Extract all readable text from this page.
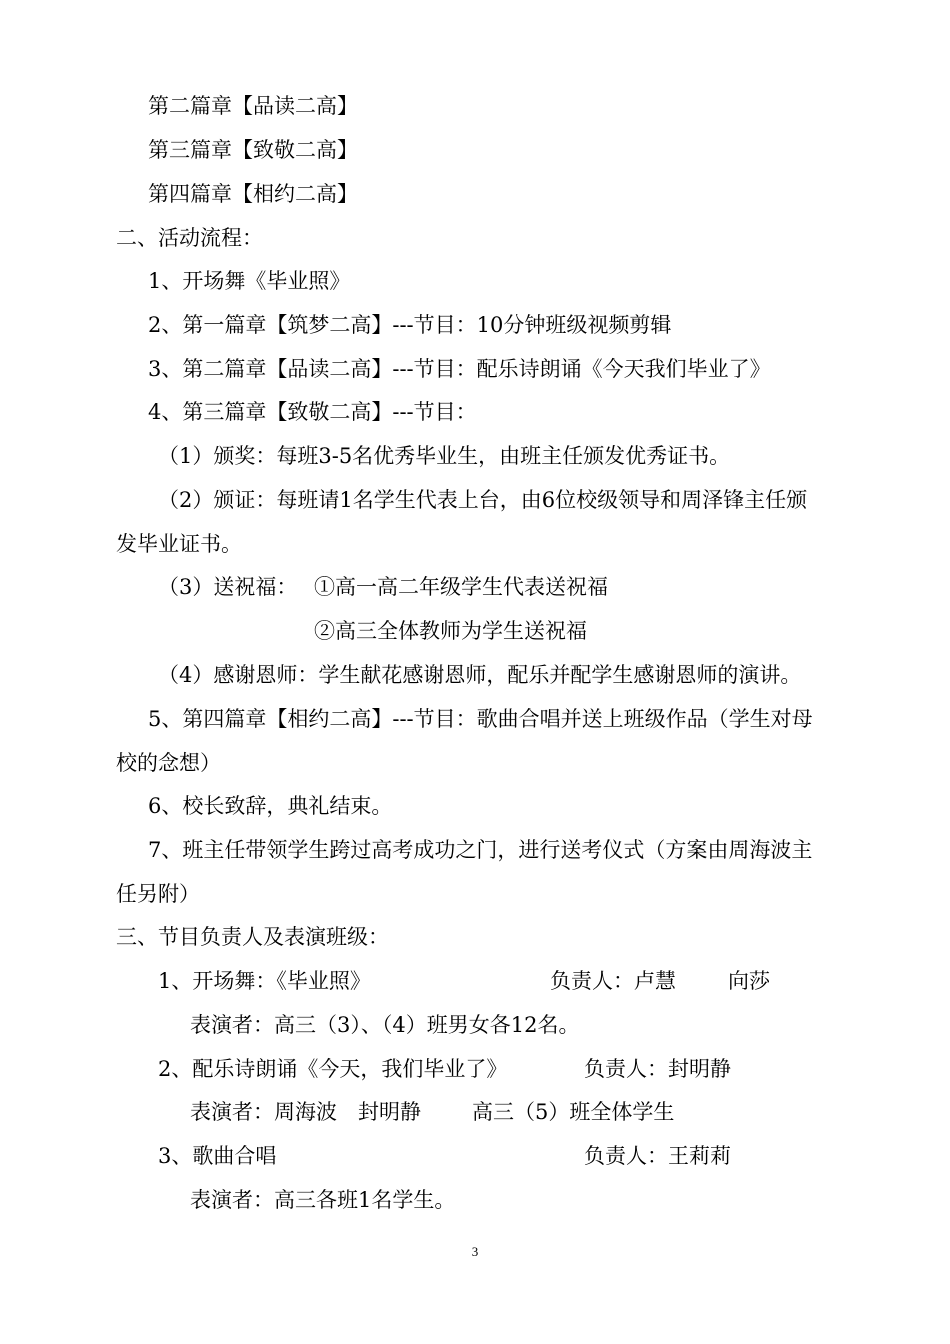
第二篇章【品读二高】
第三篇章【致敬二高】
第四篇章【相约二高】
二、活动流程：
1、开场舞《毕业照》
2、第一篇章【筑梦二高】---节目：10分钟班级视频剪辑
3、第二篇章【品读二高】---节目：配乐诗朗诵《今天我们毕业了》
4、第三篇章【致敬二高】---节目：
（1）颁奖：每班3-5名优秀毕业生，由班主任颁发优秀证书。
（2）颁证：每班请1名学生代表上台，由6位校级领导和周泽锋主任颁
发毕业证书。
（3）送祝福： ①高一高二年级学生代表送祝福
②高三全体教师为学生送祝福
（4）感谢恩师：学生献花感谢恩师，配乐并配学生感谢恩师的演讲。
5、第四篇章【相约二高】---节目：歌曲合唱并送上班级作品（学生对母
校的念想）
6、校长致辞，典礼结束。
7、班主任带领学生跨过高考成功之门，进行送考仪式（方案由周海波主
任另附）
三、节目负责人及表演班级：
1、开场舞：《毕业照》	负责人：卢慧 向莎
表演者：高三（3）、（4）班男女各12名。
2、配乐诗朗诵《今天，我们毕业了》	负责人：封明静
表演者：周海波　封明静 高三（5）班全体学生
3、歌曲合唱	负责人：王莉莉
表演者：高三各班1名学生。
3
